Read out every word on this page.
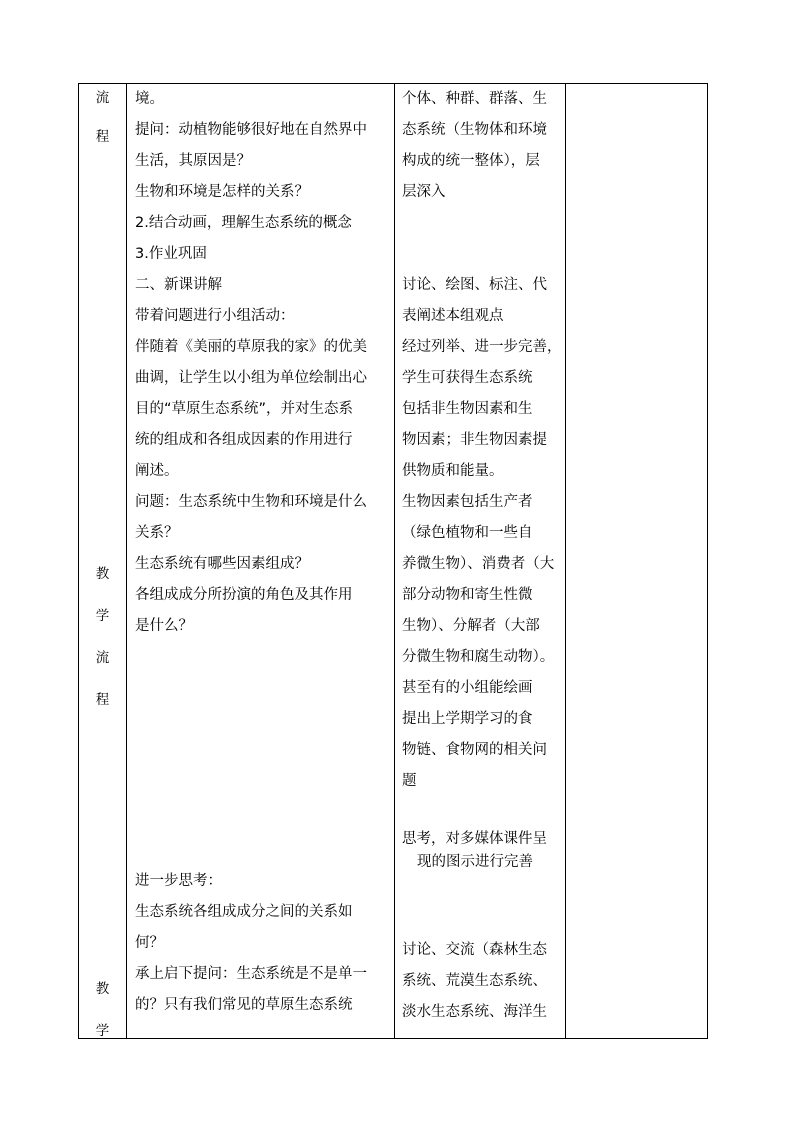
流
程
教
学
流
程
教
学
境。
提问：动植物能够很好地在自然界中
生活，其原因是？
生物和环境是怎样的关系？
2.结合动画，理解生态系统的概念
3.作业巩固
二、新课讲解
带着问题进行小组活动：
伴随着《美丽的草原我的家》的优美
曲调，让学生以小组为单位绘制出心
目的“草原生态系统”，并对生态系
统的组成和各组成因素的作用进行
阐述。
问题：生态系统中生物和环境是什么
关系？
生态系统有哪些因素组成？
各组成成分所扮演的角色及其作用
是什么？
进一步思考：
生态系统各组成成分之间的关系如
何？
承上启下提问：生态系统是不是单一
的？只有我们常见的草原生态系统
个体、种群、群落、生
态系统（生物体和环境
构成的统一整体），层
层深入
讨论、绘图、标注、代
表阐述本组观点
经过列举、进一步完善，
学生可获得生态系统
包括非生物因素和生
物因素；非生物因素提
供物质和能量。
生物因素包括生产者
（绿色植物和一些自
养微生物）、消费者（大
部分动物和寄生性微
生物）、分解者（大部
分微生物和腐生动物）。
甚至有的小组能绘画
提出上学期学习的食
物链、食物网的相关问
题
思考，对多媒体课件呈
现的图示进行完善
讨论、交流（森林生态
系统、荒漠生态系统、
淡水生态系统、海洋生
